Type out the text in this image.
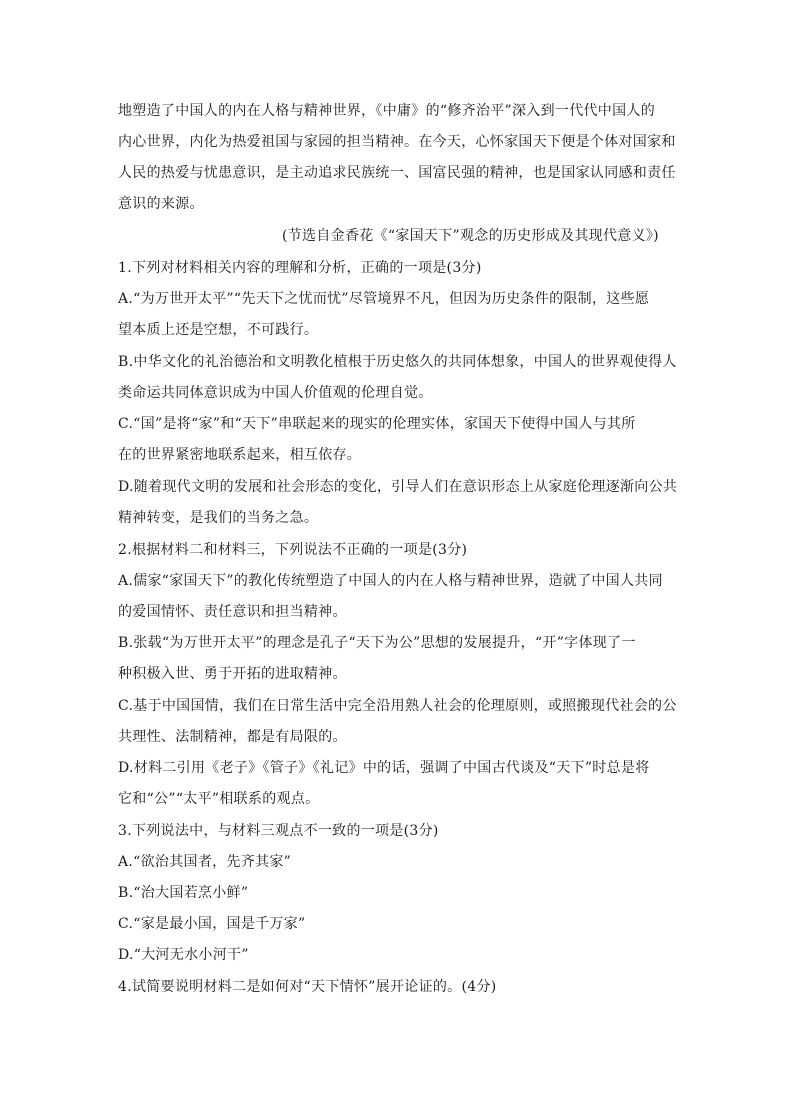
地塑造了中国人的内在人格与精神世界，《中庸》的“修齐治平”深入到一代代中国人的
内心世界，内化为热爱祖国与家园的担当精神。在今天，心怀家国天下便是个体对国家和
人民的热爱与忧患意识，是主动追求民族统一、国富民强的精神，也是国家认同感和责任
意识的来源。
(节选自金香花《“家国天下”观念的历史形成及其现代意义》)
1.下列对材料相关内容的理解和分析，正确的一项是(3分)
A.“为万世开太平”“先天下之忧而忧”尽管境界不凡，但因为历史条件的限制，这些愿
望本质上还是空想，不可践行。
B.中华文化的礼治德治和文明教化植根于历史悠久的共同体想象，中国人的世界观使得人
类命运共同体意识成为中国人价值观的伦理自觉。
C.“国”是将“家”和“天下”串联起来的现实的伦理实体，家国天下使得中国人与其所
在的世界紧密地联系起来，相互依存。
D.随着现代文明的发展和社会形态的变化，引导人们在意识形态上从家庭伦理逐渐向公共
精神转变，是我们的当务之急。
2.根据材料二和材料三，下列说法不正确的一项是(3分)
A.儒家“家国天下”的教化传统塑造了中国人的内在人格与精神世界，造就了中国人共同
的爱国情怀、责任意识和担当精神。
B.张载“为万世开太平”的理念是孔子“天下为公”思想的发展提升，“开”字体现了一
种积极入世、勇于开拓的进取精神。
C.基于中国国情，我们在日常生活中完全沿用熟人社会的伦理原则，或照搬现代社会的公
共理性、法制精神，都是有局限的。
D.材料二引用《老子》《管子》《礼记》中的话，强调了中国古代谈及“天下”时总是将
它和“公”“太平”相联系的观点。
3.下列说法中，与材料三观点不一致的一项是(3分)
A.“欲治其国者，先齐其家”
B.“治大国若烹小鲜”
C.“家是最小国，国是千万家”
D.“大河无水小河干”
4.试简要说明材料二是如何对“天下情怀”展开论证的。(4分)
